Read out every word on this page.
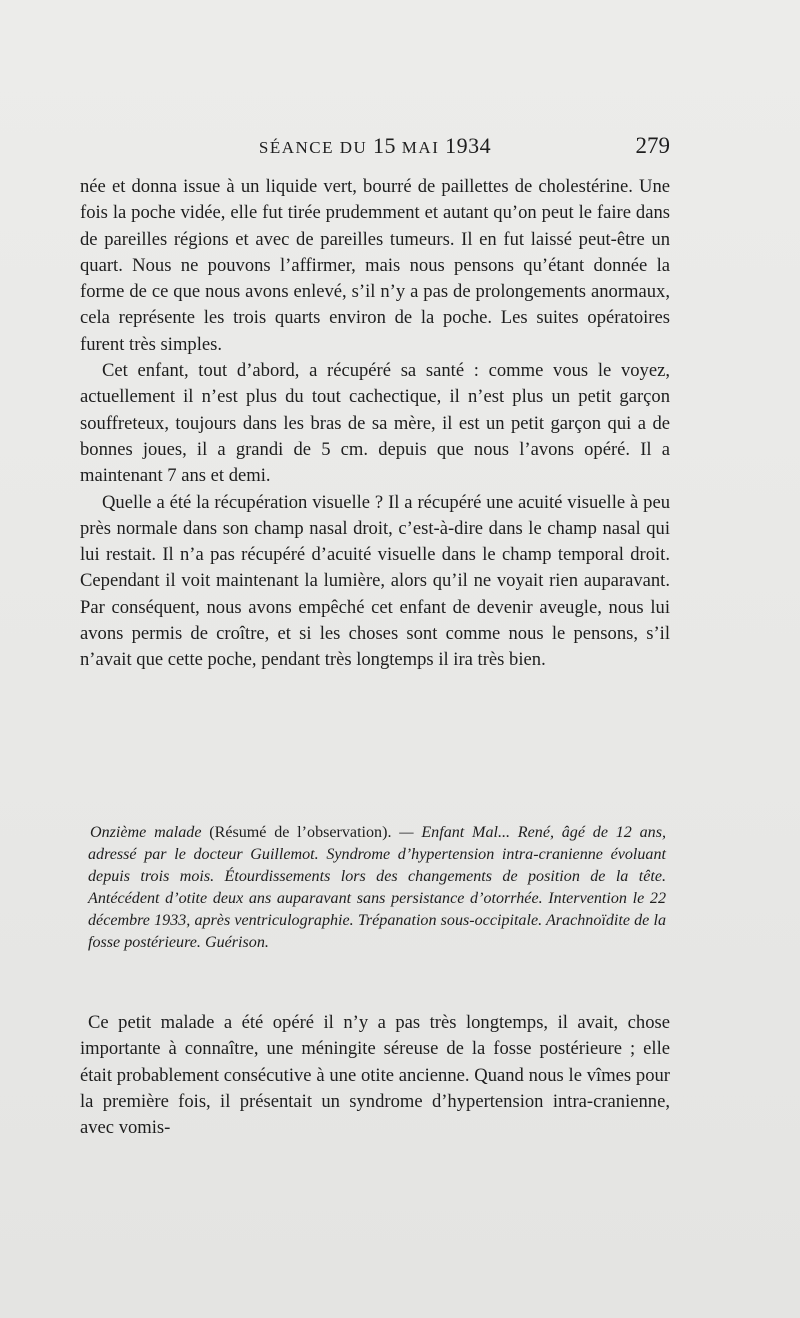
SÉANCE DU 15 MAI 1934	279

née et donna issue à un liquide vert, bourré de paillettes de cholestérine. Une fois la poche vidée, elle fut tirée prudemment et autant qu’on peut le faire dans de pareilles régions et avec de pareilles tumeurs. Il en fut laissé peut-être un quart. Nous ne pouvons l’affirmer, mais nous pensons qu’étant donnée la forme de ce que nous avons enlevé, s’il n’y a pas de prolongements anormaux, cela représente les trois quarts environ de la poche. Les suites opératoires furent très simples.

Cet enfant, tout d’abord, a récupéré sa santé : comme vous le voyez, actuellement il n’est plus du tout cachectique, il n’est plus un petit garçon souffreteux, toujours dans les bras de sa mère, il est un petit garçon qui a de bonnes joues, il a grandi de 5 cm. depuis que nous l’avons opéré. Il a maintenant 7 ans et demi.

Quelle a été la récupération visuelle ? Il a récupéré une acuité visuelle à peu près normale dans son champ nasal droit, c’est-à-dire dans le champ nasal qui lui restait. Il n’a pas récupéré d’acuité visuelle dans le champ temporal droit. Cependant il voit maintenant la lumière, alors qu’il ne voyait rien auparavant. Par conséquent, nous avons empêché cet enfant de devenir aveugle, nous lui avons permis de croître, et si les choses sont comme nous le pensons, s’il n’avait que cette poche, pendant très longtemps il ira très bien.

Onzième malade (Résumé de l’observation). — Enfant Mal... René, âgé de 12 ans, adressé par le docteur Guillemot. Syndrome d’hypertension intra-cranienne évoluant depuis trois mois. Étourdissements lors des changements de position de la tête. Antécédent d’otite deux ans auparavant sans persistance d’otorrhée. Intervention le 22 décembre 1933, après ventriculographie. Trépanation sous-occipitale. Arachnoïdite de la fosse postérieure. Guérison.

Ce petit malade a été opéré il n’y a pas très longtemps, il avait, chose importante à connaître, une méningite séreuse de la fosse postérieure ; elle était probablement consécutive à une otite ancienne. Quand nous le vîmes pour la première fois, il présentait un syndrome d’hypertension intra-cranienne, avec vomis-
